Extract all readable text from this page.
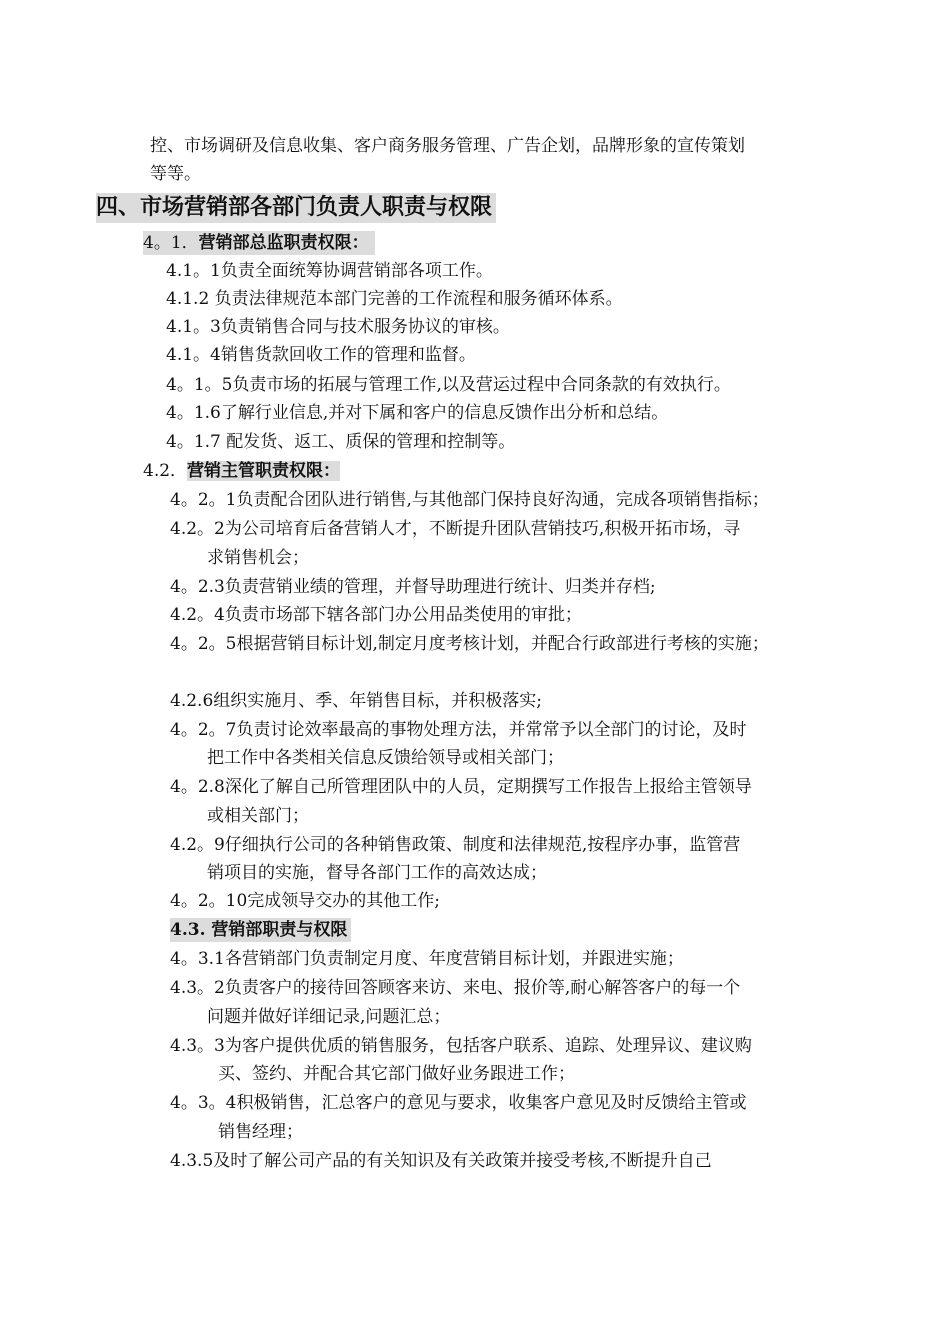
控、市场调研及信息收集、客户商务服务管理、广告企划，品牌形象的宣传策划
等等。
四、市场营销部各部门负责人职责与权限
4。1．营销部总监职责权限：
4.1。1负责全面统筹协调营销部各项工作。
4.1.2 负责法律规范本部门完善的工作流程和服务循环体系。
4.1。3负责销售合同与技术服务协议的审核。
4.1。4销售货款回收工作的管理和监督。
4。1。5负责市场的拓展与管理工作,以及营运过程中合同条款的有效执行。
4。1.6了解行业信息,并对下属和客户的信息反馈作出分析和总结。
4。1.7 配发货、返工、质保的管理和控制等。
4.2．营销主管职责权限：
4。2。1负责配合团队进行销售,与其他部门保持良好沟通，完成各项销售指标；
4.2。2为公司培育后备营销人才，不断提升团队营销技巧,积极开拓市场，寻
求销售机会；
4。2.3负责营销业绩的管理，并督导助理进行统计、归类并存档;
4.2。4负责市场部下辖各部门办公用品类使用的审批；
4。2。5根据营销目标计划,制定月度考核计划，并配合行政部进行考核的实施；
4.2.6组织实施月、季、年销售目标，并积极落实;
4。2。7负责讨论效率最高的事物处理方法，并常常予以全部门的讨论，及时
把工作中各类相关信息反馈给领导或相关部门；
4。2.8深化了解自己所管理团队中的人员，定期撰写工作报告上报给主管领导
或相关部门；
4.2。9仔细执行公司的各种销售政策、制度和法律规范,按程序办事，监管营
销项目的实施，督导各部门工作的高效达成；
4。2。10完成领导交办的其他工作;
4.3. 营销部职责与权限
4。3.1各营销部门负责制定月度、年度营销目标计划，并跟进实施；
4.3。2负责客户的接待回答顾客来访、来电、报价等,耐心解答客户的每一个
问题并做好详细记录,问题汇总；
4.3。3为客户提供优质的销售服务，包括客户联系、追踪、处理异议、建议购
买、签约、并配合其它部门做好业务跟进工作；
4。3。4积极销售，汇总客户的意见与要求，收集客户意见及时反馈给主管或
销售经理；
4.3.5及时了解公司产品的有关知识及有关政策并接受考核,不断提升自己
